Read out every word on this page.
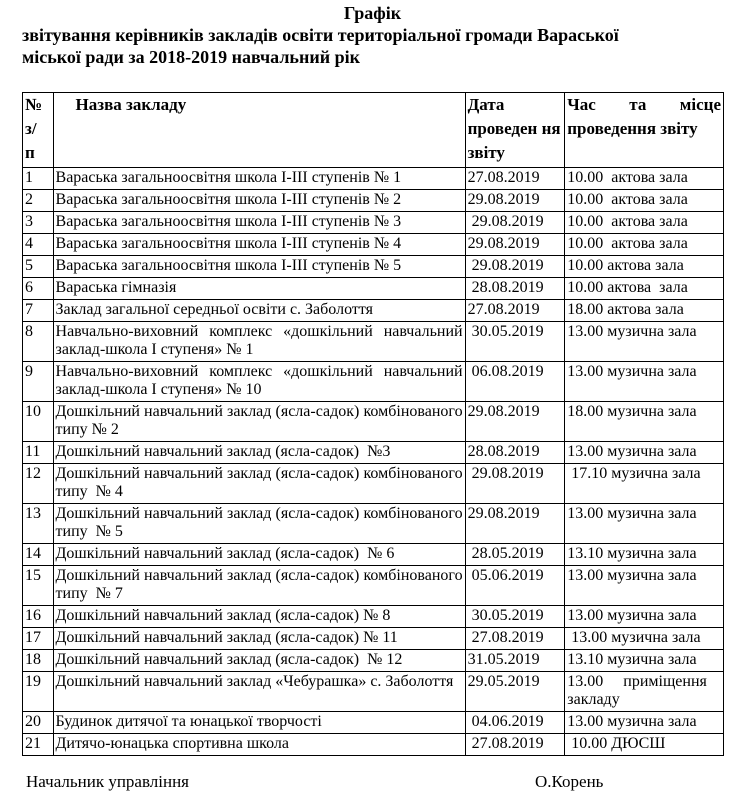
Графік
звітування керівників закладів освіти територіальної громади Вараської
міської ради за 2018-2019 навчальний рік
№ з/ п	Назва закладу	Дата проведен ня звіту	Час та місце проведення звіту
1	Вараська загальноосвітня школа І-ІІІ ступенів № 1	27.08.2019	10.00  актова зала
2	Вараська загальноосвітня школа І-ІІІ ступенів № 2	29.08.2019	10.00  актова зала
3	Вараська загальноосвітня школа І-ІІІ ступенів № 3	29.08.2019	10.00  актова зала
4	Вараська загальноосвітня школа І-ІІІ ступенів № 4	29.08.2019	10.00  актова зала
5	Вараська загальноосвітня школа І-ІІІ ступенів № 5	29.08.2019	10.00 актова зала
6	Вараська гімназія	28.08.2019	10.00 актова  зала
7	Заклад загальної середньої освіти с. Заболоття	27.08.2019	18.00 актова зала
8	Навчально-виховний комплекс «дошкільний навчальний заклад-школа І ступеня» № 1	30.05.2019	13.00 музична зала
9	Навчально-виховний комплекс «дошкільний навчальний заклад-школа І ступеня» № 10	06.08.2019	13.00 музична зала
10	Дошкільний навчальний заклад (ясла-садок) комбінованого типу № 2	29.08.2019	18.00 музична зала
11	Дошкільний навчальний заклад (ясла-садок)  №3	28.08.2019	13.00 музична зала
12	Дошкільний навчальний заклад (ясла-садок) комбінованого типу  № 4	29.08.2019	17.10 музична зала
13	Дошкільний навчальний заклад (ясла-садок) комбінованого типу  № 5	29.08.2019	13.00 музична зала
14	Дошкільний навчальний заклад (ясла-садок)  № 6	28.05.2019	13.10 музична зала
15	Дошкільний навчальний заклад (ясла-садок) комбінованого типу  № 7	05.06.2019	13.00 музична зала
16	Дошкільний навчальний заклад (ясла-садок) № 8	30.05.2019	13.00 музична зала
17	Дошкільний навчальний заклад (ясла-садок) № 11	27.08.2019	13.00 музична зала
18	Дошкільний навчальний заклад (ясла-садок)  № 12	31.05.2019	13.10 музична зала
19	Дошкільний навчальний заклад «Чебурашка» с. Заболоття	29.05.2019	13.00     приміщення закладу
20	Будинок дитячої та юнацької творчості	04.06.2019	13.00 музична зала
21	Дитячо-юнацька спортивна школа	27.08.2019	10.00 ДЮСШ
Начальник управління	О.Корень
